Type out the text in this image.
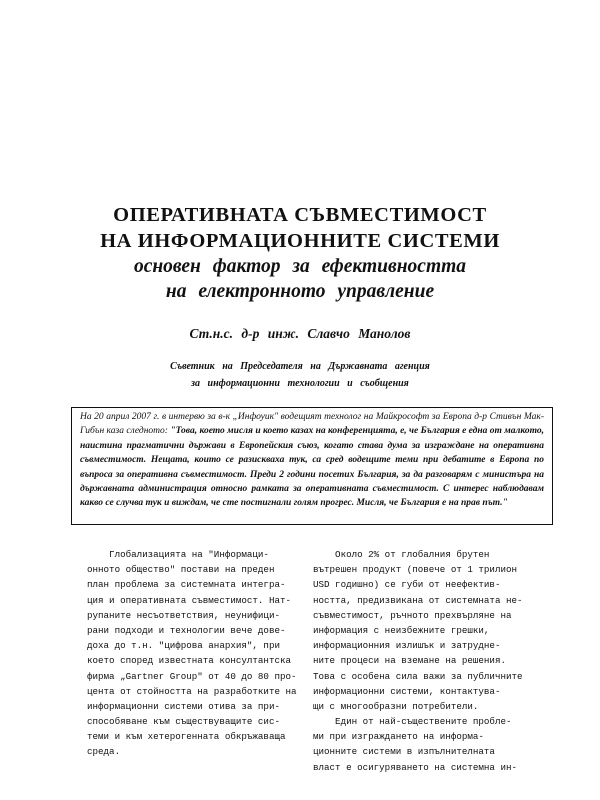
ОПЕРАТИВНАТА СЪВМЕСТИМОСТ
НА ИНФОРМАЦИОННИТЕ СИСТЕМИ
основен фактор за ефективността
на електронното управление
Ст.н.с. д-р инж. Славчо Манолов
Съветник на Председателя на Държавната агенция
за информационни технологии и съобщения
На 20 април 2007 г. в интервю за в-к „Инфоуик" водещият технолог на Майкрософт за Европа д-р Стивън Мак-Гибън каза следното: "Това, което мисля и което казах на конференцията, е, че България е една от малкото, наистина прагматични държави в Европейския съюз, когато става дума за изграждане на оперативна съвместимост. Нещата, които се разискваха тук, са сред водещите теми при дебатите в Европа по въпроса за оперативна съвместимост. Преди 2 години посетих България, за да разговарям с министъра на държавната администрация относно рамката за оперативната съвместимост. С интерес наблюдавам какво се случва тук и виждам, че сте постигнали голям прогрес. Мисля, че България е на прав път."
Глобализацията на "Информаци-
онното общество" постави на преден
план проблема за системната интегра-
ция и оперативната съвместимост. Нат-
рупаните несъответствия, неунифици-
рани подходи и технологии вече дове-
доха до т.н. "цифрова анархия", при
което според известната консултантска
фирма „Gartner Group" от 40 до 80 про-
цента от стойността на разработките на
информационни системи отива за при-
способяване към съществуващите сис-
теми и към хетерогенната обкръжаваща
среда.
Около 2% от глобалния брутен
вътрешен продукт (повече от 1 трилион
USD годишно) се губи от неефектив-
ността, предизвикана от системната не-
съвместимост, ръчното прехвърляне на
информация с неизбежните грешки,
информационния излишък и затрудне-
ните процеси на вземане на решения.
Това с особена сила важи за публичните
информационни системи, контактува-
щи с многообразни потребители.
Един от най-съществените пробле-
ми при изграждането на информа-
ционните системи в изпълнителната
власт е осигуряването на системна ин-
